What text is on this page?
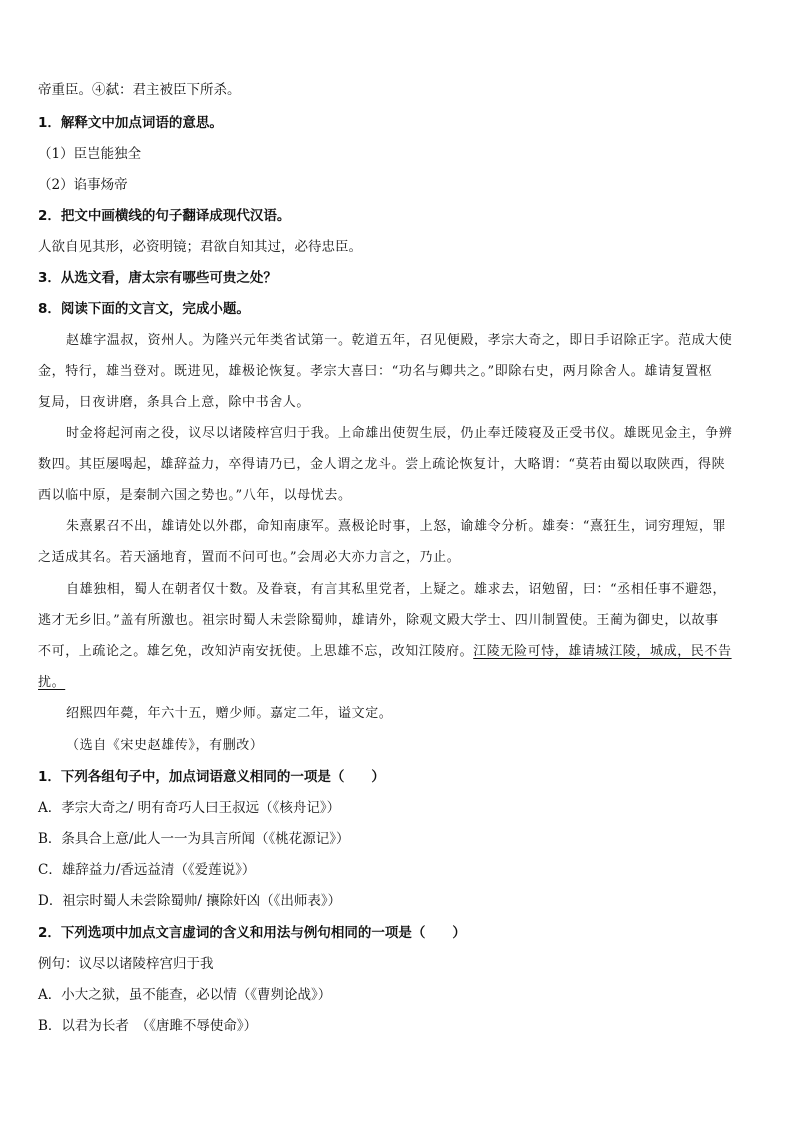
帝重臣。④弑：君主被臣下所杀。
1．解释文中加点词语的意思。
（1）臣岂能独全
（2）谄事炀帝
2．把文中画横线的句子翻译成现代汉语。
人欲自见其形，必资明镜；君欲自知其过，必待忠臣。
3．从选文看，唐太宗有哪些可贵之处？
8．阅读下面的文言文，完成小题。
赵雄字温叔，资州人。为隆兴元年类省试第一。乾道五年，召见便殿，孝宗大奇之，即日手诏除正字。范成大使
金，特行，雄当登对。既进见，雄极论恢复。孝宗大喜曰：“功名与卿共之。”即除右史，两月除舍人。雄请复置枢
复局，日夜讲磨，条具合上意，除中书舍人。
时金将起河南之役，议尽以诸陵梓宫归于我。上命雄出使贺生辰，仍止奉迁陵寝及正受书仪。雄既见金主，争辨
数四。其臣屡喝起，雄辞益力，卒得请乃已，金人谓之龙斗。尝上疏论恢复计，大略谓：“莫若由蜀以取陕西，得陕
西以临中原，是秦制六国之势也。”八年，以母忧去。
朱熹累召不出，雄请处以外郡，命知南康军。熹极论时事，上怒，谕雄令分析。雄奏：“熹狂生，词穷理短，罪
之适成其名。若天涵地育，置而不问可也。”会周必大亦力言之，乃止。
自雄独相，蜀人在朝者仅十数。及眷衰，有言其私里党者，上疑之。雄求去，诏勉留，曰：“丞相任事不避怨，
逃才无乡旧。”盖有所激也。祖宗时蜀人未尝除蜀帅，雄请外，除观文殿大学士、四川制置使。王蔺为御史，以故事
不可，上疏论之。雄乞免，改知泸南安抚使。上思雄不忘，改知江陵府。江陵无险可恃，雄请城江陵，城成，民不告
扰。
绍熙四年薨，年六十五，赠少师。嘉定二年，谥文定。
（选自《宋史赵雄传》，有删改）
1．下列各组句子中，加点词语意义相同的一项是（　　）
A．孝宗大奇之/ 明有奇巧人曰王叔远（《核舟记》）
B．条具合上意/此人一一为具言所闻（《桃花源记》）
C．雄辞益力/香远益清（《爱莲说》）
D．祖宗时蜀人未尝除蜀帅/ 攘除奸凶（《出师表》）
2．下列选项中加点文言虚词的含义和用法与例句相同的一项是（　　）
例句：议尽以诸陵梓宫归于我
A．小大之狱，虽不能查，必以情（《曹刿论战》）
B．以君为长者　（《唐雎不辱使命》）
